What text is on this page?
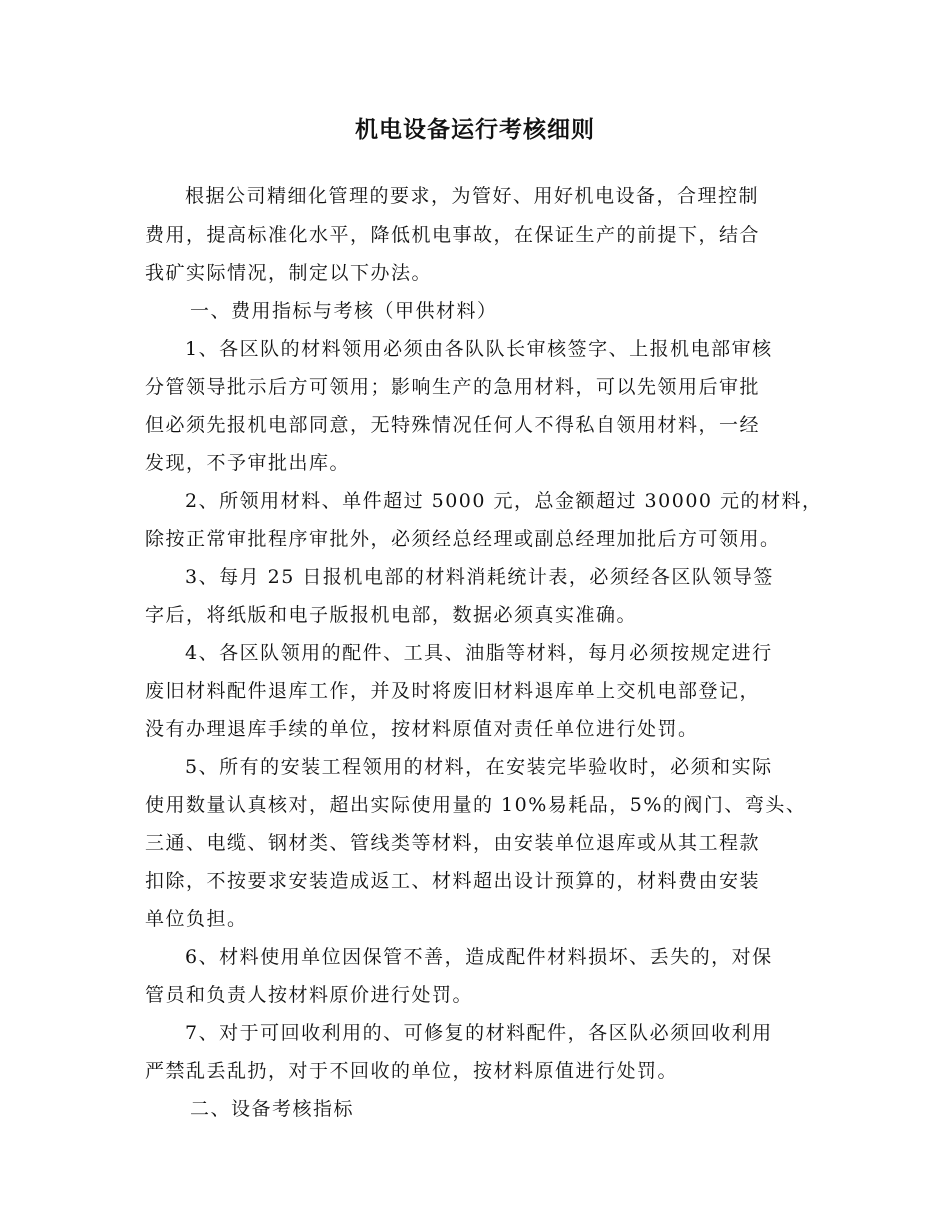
机电设备运行考核细则

根据公司精细化管理的要求，为管好、用好机电设备，合理控制

费用，提高标准化水平，降低机电事故，在保证生产的前提下，结合

我矿实际情况，制定以下办法。

一、费用指标与考核（甲供材料）

1、各区队的材料领用必须由各队队长审核签字、上报机电部审核

分管领导批示后方可领用；影响生产的急用材料，可以先领用后审批

但必须先报机电部同意，无特殊情况任何人不得私自领用材料，一经

发现，不予审批出库。

2、所领用材料、单件超过 5000 元，总金额超过 30000 元的材料，

除按正常审批程序审批外，必须经总经理或副总经理加批后方可领用。

3、每月 25 日报机电部的材料消耗统计表，必须经各区队领导签

字后，将纸版和电子版报机电部，数据必须真实准确。

4、各区队领用的配件、工具、油脂等材料，每月必须按规定进行

废旧材料配件退库工作，并及时将废旧材料退库单上交机电部登记，

没有办理退库手续的单位，按材料原值对责任单位进行处罚。

5、所有的安装工程领用的材料，在安装完毕验收时，必须和实际

使用数量认真核对，超出实际使用量的 10%易耗品，5%的阀门、弯头、

三通、电缆、钢材类、管线类等材料，由安装单位退库或从其工程款

扣除，不按要求安装造成返工、材料超出设计预算的，材料费由安装

单位负担。

6、材料使用单位因保管不善，造成配件材料损坏、丢失的，对保

管员和负责人按材料原价进行处罚。

7、对于可回收利用的、可修复的材料配件，各区队必须回收利用

严禁乱丢乱扔，对于不回收的单位，按材料原值进行处罚。

二、设备考核指标
